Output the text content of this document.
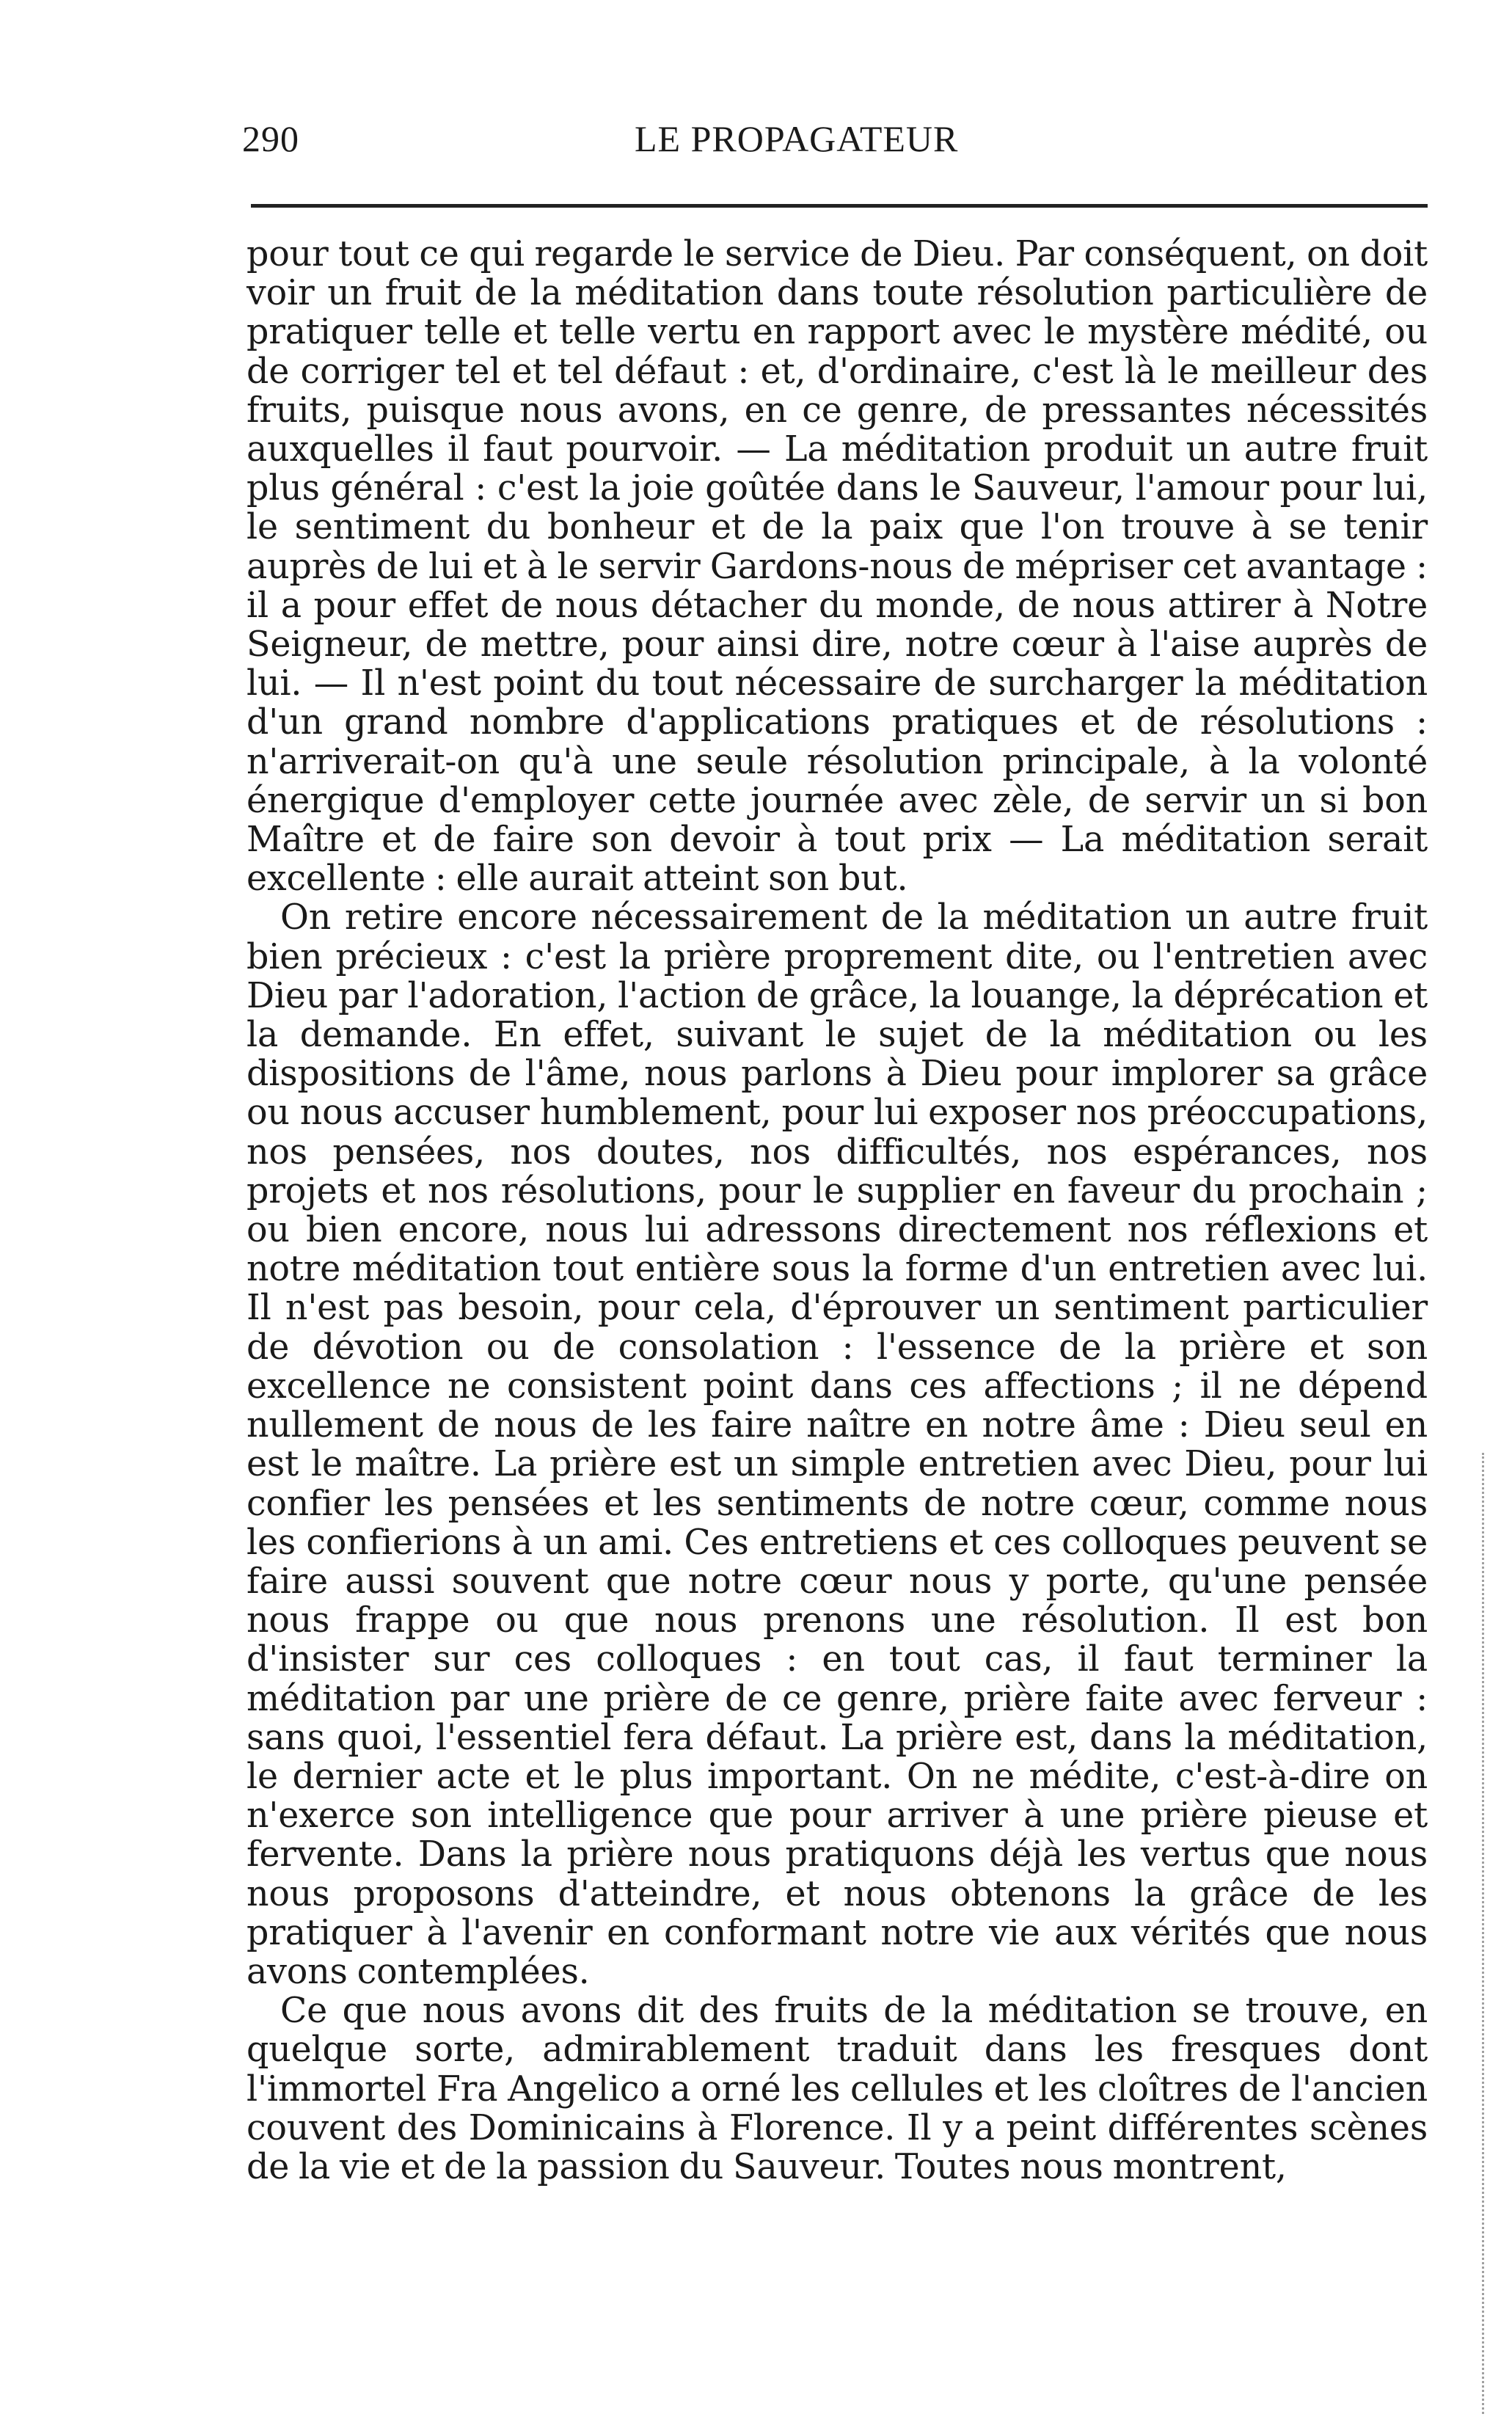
290	LE PROPAGATEUR

pour tout ce qui regarde le service de Dieu. Par conséquent, on doit voir un fruit de la méditation dans toute résolution particulière de pratiquer telle et telle vertu en rapport avec le mystère médité, ou de corriger tel et tel défaut : et, d'ordinaire, c'est là le meilleur des fruits, puisque nous avons, en ce genre, de pressantes nécessités auxquelles il faut pourvoir. — La méditation produit un autre fruit plus général : c'est la joie goûtée dans le Sauveur, l'amour pour lui, le sentiment du bonheur et de la paix que l'on trouve à se tenir auprès de lui et à le servir Gardons-nous de mépriser cet avantage : il a pour effet de nous détacher du monde, de nous attirer à Notre Seigneur, de mettre, pour ainsi dire, notre cœur à l'aise auprès de lui. — Il n'est point du tout nécessaire de surcharger la méditation d'un grand nombre d'applications pratiques et de résolutions : n'arriverait-on qu'à une seule résolution principale, à la volonté énergique d'employer cette journée avec zèle, de servir un si bon Maître et de faire son devoir à tout prix — La méditation serait excellente : elle aurait atteint son but.

On retire encore nécessairement de la méditation un autre fruit bien précieux : c'est la prière proprement dite, ou l'entretien avec Dieu par l'adoration, l'action de grâce, la louange, la déprécation et la demande. En effet, suivant le sujet de la méditation ou les dispositions de l'âme, nous parlons à Dieu pour implorer sa grâce ou nous accuser humblement, pour lui exposer nos préoccupations, nos pensées, nos doutes, nos difficultés, nos espérances, nos projets et nos résolutions, pour le supplier en faveur du prochain ; ou bien encore, nous lui adressons directement nos réflexions et notre méditation tout entière sous la forme d'un entretien avec lui. Il n'est pas besoin, pour cela, d'éprouver un sentiment particulier de dévotion ou de consolation : l'essence de la prière et son excellence ne consistent point dans ces affections ; il ne dépend nullement de nous de les faire naître en notre âme : Dieu seul en est le maître. La prière est un simple entretien avec Dieu, pour lui confier les pensées et les sentiments de notre cœur, comme nous les confierions à un ami. Ces entretiens et ces colloques peuvent se faire aussi souvent que notre cœur nous y porte, qu'une pensée nous frappe ou que nous prenons une résolution. Il est bon d'insister sur ces colloques : en tout cas, il faut terminer la méditation par une prière de ce genre, prière faite avec ferveur : sans quoi, l'essentiel fera défaut. La prière est, dans la méditation, le dernier acte et le plus important. On ne médite, c'est-à-dire on n'exerce son intelligence que pour arriver à une prière pieuse et fervente. Dans la prière nous pratiquons déjà les vertus que nous nous proposons d'atteindre, et nous obtenons la grâce de les pratiquer à l'avenir en conformant notre vie aux vérités que nous avons contemplées.

Ce que nous avons dit des fruits de la méditation se trouve, en quelque sorte, admirablement traduit dans les fresques dont l'immortel Fra Angelico a orné les cellules et les cloîtres de l'ancien couvent des Dominicains à Florence. Il y a peint différentes scènes de la vie et de la passion du Sauveur. Toutes nous montrent,
